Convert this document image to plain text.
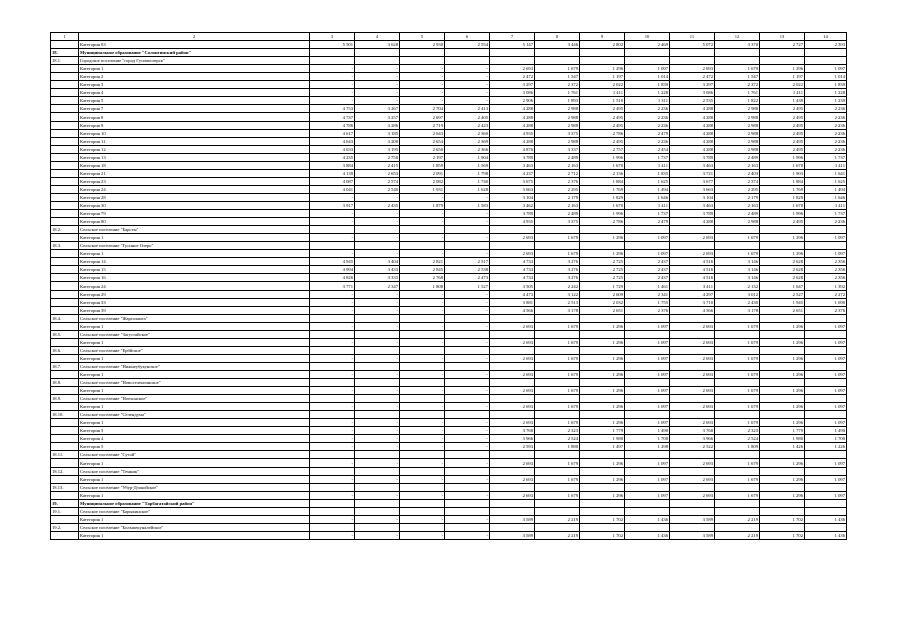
1	2	3	4	5	6	7	8	9	10	11	12	13	14
	Категория 03	5 501	3 628	2 930	2 554	5 147	3 446	2 802	2 469	5 072	3 370	2 727	2 393
18.	Муниципальное образование "Солонгинский район"												
18.1.	Городское поселение "город Гусиноозерск"												
	Категория 1	-	-	-	-	2 693	1 679	1 296	1 097	2 693	1 679	1 296	1 097
	Категория 2	-	-	-	-	2 472	1 547	1 197	1 014	2 472	1 547	1 197	1 014
	Категория 3	-	-	-	-	3 297	2 372	2 022	1 839	3 297	2 372	2 022	1 839
	Категория 4	-	-	-	-	3 086	1 761	1 411	1 228	3 086	1 761	1 411	1 228
	Категория 5	-	-	-	-	2 906	1 893	1 510	1 311	2 535	1 822	1 439	1 239
	Категория 7	4 753	3 267	2 704	2 413	4 288	2 988	2 495	2 236	4 288	2 988	2 495	2 236
	Категория 8	4 737	3 257	2 697	2 405	4 288	2 988	2 495	2 236	4 288	2 988	2 495	2 236
	Категория 9	4 786	3 286	2 719	2 423	4 288	2 988	2 495	2 236	4 288	2 988	2 495	2 236
	Категория 10	4 617	3 185	2 643	2 360	4 935	3 375	2 786	2 479	4 288	2 988	2 495	2 236
	Категория 11	4 643	3 200	2 654	2 369	4 288	2 988	2 495	2 236	4 288	2 988	2 495	2 236
	Категория 12	4 633	3 195	2 650	2 366	4 876	3 337	2 757	2 454	4 288	2 988	2 495	2 236
	Категория 13	4 235	2 750	2 197	1 904	3 789	2 489	1 996	1 737	3 789	2 489	1 996	1 737
	Категория 18	3 884	2 415	1 859	1 569	3 463	2 163	1 670	1 411	3 463	2 163	1 670	1 411
	Категория 21	4 139	2 653	2 091	1 798	4 237	2 712	2 136	1 835	3 721	2 403	1 903	1 641
	Категория 23	4 087	2 574	2 082	1 740	3 675	2 376	1 884	1 625	3 677	2 374	1 884	1 625
	Категория 24	4 041	2 540	1 931	1 628	3 663	2 295	1 769	1 494	3 663	2 295	1 769	1 494
	Категория 28	-	-	-	-	3 104	2 179	1 829	1 646	3 104	2 179	1 829	1 646
	Категория 30	3 917	2 435	1 879	1 583	3 462	2 163	1 670	1 411	3 463	2 163	1 670	1 411
	Категория 79	-	-	-	-	3 789	2 489	1 996	1 737	3 789	2 489	1 996	1 737
	Категория 80	-	-	-	-	4 935	3 375	2 786	2 479	4 288	2 988	2 495	2 236
18.2.	Сельское поселение "Барсты"												
	Категория 1	-	-	-	-	2 693	1 679	1 296	1 097	2 693	1 679	1 296	1 097
18.3.	Сельское поселение "Гусиное Озеро"												
	Категория 1	-	-	-	-	2 693	1 679	1 296	1 097	2 693	1 679	1 296	1 097
	Категория 14	4 945	3 404	2 821	2 517	4 733	3 276	2 725	2 437	4 516	3 146	2 628	2 356
	Категория 15	4 994	3 433	2 845	2 538	4 733	3 276	2 725	2 437	4 516	3 146	2 628	2 356
	Категория 16	4 826	3 333	2 768	2 473	4 733	3 276	2 725	2 437	4 516	3 146	2 628	2 356
	Категория 24	3 771	2 347	1 808	1 527	3 505	2 242	1 729	1 461	3 411	2 132	1 647	1 392
	Категория 29	-	-	-	-	4 473	3 122	2 609	2 341	4 297	3 012	2 527	2 272
	Категория 33	-	-	-	-	3 881	2 513	2 032	1 755	3 710	2 430	1 945	1 690
	Категория 39	-	-	-	-	4 566	3 178	2 651	2 376	4 566	3 178	2 651	2 376
18.4.	Сельское поселение "Жаргаланта"												
	Категория 1	-	-	-	-	2 693	1 679	1 296	1 097	2 693	1 679	1 296	1 097
18.5.	Сельское поселение "Загустайское"												
	Категория 1	-	-	-	-	2 693	1 679	1 296	1 097	2 693	1 679	1 296	1 097
18.6.	Сельское поселение "Ербйское"												
	Категория 1	-	-	-	-	2 693	1 679	1 296	1 097	2 693	1 679	1 296	1 097
18.7.	Сельское поселение "Нижнеубукунское"												
	Категория 1	-	-	-	-	2 693	1 679	1 296	1 097	2 693	1 679	1 296	1 097
18.8.	Сельское поселение "Новоселенгинское"												
	Категория 1	-	-	-	-	2 693	1 679	1 296	1 097	2 693	1 679	1 296	1 097
18.9.	Сельское поселение "Ноехонское"												
	Категория 1	-	-	-	-	2 693	1 679	1 296	1 097	2 693	1 679	1 296	1 097
18.10.	Сельское поселение "Селендума"												
	Категория 1	-	-	-	-	2 693	1 679	1 296	1 097	2 693	1 679	1 296	1 097
	Категория 3	-	-	-	-	3 768	2 323	1 779	1 490	3 768	2 323	1 779	1 490
	Категория 4	-	-	-	-	3 966	2 524	1 980	1 700	3 966	2 524	1 980	1 700
	Категория 5	-	-	-	-	2 593	1 880	1 497	1 298	2 522	1 809	1 426	1 226
18.11.	Сельское поселение "Сутой"												
	Категория 1	-	-	-	-	2 693	1 679	1 296	1 097	2 693	1 679	1 296	1 097
18.12.	Сельское поселение "Темник"												
	Категория 1	-	-	-	-	2 693	1 679	1 296	1 097	2 693	1 679	1 296	1 097
18.13.	Сельское поселение "Убур-Дзокойское"												
	Категория 1	-	-	-	-	2 693	1 679	1 296	1 097	2 693	1 679	1 296	1 097
19.	Муниципальное образование "Тарбагатайский район"												
19.1.	Сельское поселение "Барыкинское"												
	Категория 1	-	-	-	-	3 589	2 219	1 702	1 436	3 589	2 219	1 702	1 436
19.2.	Сельское поселение "Большекуналейское"												
	Категория 1	-	-	-	-	3 589	2 219	1 702	1 436	3 589	2 219	1 702	1 436
